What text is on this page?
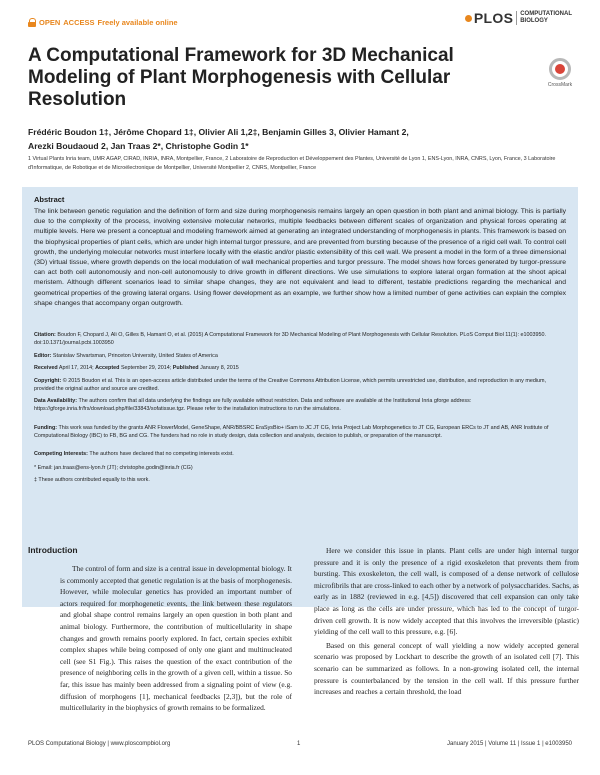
OPEN ACCESS Freely available online	PLOS	COMPUTATIONAL
BIOLOGY
CrossMark
A Computational Framework for 3D Mechanical Modeling of Plant Morphogenesis with Cellular Resolution
Frédéric Boudon 1‡, Jérôme Chopard 1‡, Olivier Ali 1,2‡, Benjamin Gilles 3, Olivier Hamant 2,
Arezki Boudaoud 2, Jan Traas 2*, Christophe Godin 1*
1 Virtual Plants Inria team, UMR AGAP, CIRAD, INRIA, INRA, Montpellier, France, 2 Laboratoire de Reproduction et Développement des Plantes, Université de Lyon 1, ENS-Lyon, INRA, CNRS, Lyon, France, 3 Laboratoire d'Informatique, de Robotique et de Microélectronique de Montpellier, Université Montpellier 2, CNRS, Montpellier, France
Abstract
The link between genetic regulation and the definition of form and size during morphogenesis remains largely an open question in both plant and animal biology. This is partially due to the complexity of the process, involving extensive molecular networks, multiple feedbacks between different scales of organization and physical forces operating at multiple levels. Here we present a conceptual and modeling framework aimed at generating an integrated understanding of morphogenesis in plants. This framework is based on the biophysical properties of plant cells, which are under high internal turgor pressure, and are prevented from bursting because of the presence of a rigid cell wall. To control cell growth, the underlying molecular networks must interfere locally with the elastic and/or plastic extensibility of this cell wall. We present a model in the form of a three dimensional (3D) virtual tissue, where growth depends on the local modulation of wall mechanical properties and turgor pressure. The model shows how forces generated by turgor-pressure can act both cell autonomously and non-cell autonomously to drive growth in different directions. We use simulations to explore lateral organ formation at the shoot apical meristem. Although different scenarios lead to similar shape changes, they are not equivalent and lead to different, testable predictions regarding the mechanical and geometrical properties of the growing lateral organs. Using flower development as an example, we further show how a limited number of gene activities can explain the complex shape changes that accompany organ outgrowth.
Citation: Boudon F, Chopard J, Ali O, Gilles B, Hamant O, et al. (2015) A Computational Framework for 3D Mechanical Modeling of Plant Morphogenesis with Cellular Resolution. PLoS Comput Biol 11(1): e1003950. doi:10.1371/journal.pcbi.1003950
Editor: Stanislav Shvartsman, Princeton University, United States of America
Received April 17, 2014; Accepted September 29, 2014; Published January 8, 2015
Copyright: © 2015 Boudon et al. This is an open-access article distributed under the terms of the Creative Commons Attribution License, which permits unrestricted use, distribution, and reproduction in any medium, provided the original author and source are credited.
Data Availability: The authors confirm that all data underlying the findings are fully available without restriction. Data and software are available at the Institutional Inria gforge address: https://gforge.inria.fr/frs/download.php/file/33843/sofatissue.tgz. Please refer to the installation instructions to run the simulations.
Funding: This work was funded by the grants ANR FlowerModel, GeneShape, ANR/BBSRC EraSysBio+ iSam to JC JT CG, Inria Project Lab Morphogenetics to JT CG, European ERCs to JT and AB, ANR Institute of Computational Biology (IBC) to FB, BG and CG. The funders had no role in study design, data collection and analysis, decision to publish, or preparation of the manuscript.
Competing Interests: The authors have declared that no competing interests exist.
* Email: jan.traas@ens-lyon.fr (JT); christophe.godin@inria.fr (CG)
‡ These authors contributed equally to this work.
Introduction

The control of form and size is a central issue in developmental biology. It is commonly accepted that genetic regulation is at the basis of morphogenesis. However, while molecular genetics has provided an important number of actors required for morphogenetic events, the link between these regulators and global shape control remains largely an open question in both plant and animal biology. Furthermore, the contribution of multicellularity in shape changes and growth remains poorly explored. In fact, certain species exhibit complex shapes while being composed of only one giant and multinucleated cell (see S1 Fig.). This raises the question of the exact contribution of the presence of neighboring cells in the growth of a given cell, within a tissue. So far, this issue has mainly been addressed from a signaling point of view (e.g. diffusion of morphogens [1], mechanical feedbacks [2,3]), but the role of multicellularity in the biophysics of growth remains to be formalized.

Here we consider this issue in plants. Plant cells are under high internal turgor pressure and it is only the presence of a rigid exoskeleton that prevents them from bursting. This exoskeleton, the cell wall, is composed of a dense network of cellulose microfibrils that are cross-linked to each other by a network of polysaccharides. Sachs, as early as in 1882 (reviewed in e.g. [4,5]) discovered that cell expansion can only take place as long as the cells are under pressure, which has led to the concept of turgor-driven cell growth. It is now widely accepted that this involves the irreversible (plastic) yielding of the cell wall to this pressure, e.g. [6].

Based on this general concept of wall yielding a now widely accepted general scenario was proposed by Lockhart to describe the growth of an isolated cell [7]. This scenario can be summarized as follows. In a non-growing isolated cell, the internal pressure is counterbalanced by the tension in the cell wall. If this pressure further increases and reaches a certain threshold, the load

PLOS Computational Biology | www.ploscompbiol.org	1	January 2015 | Volume 11 | Issue 1 | e1003950
